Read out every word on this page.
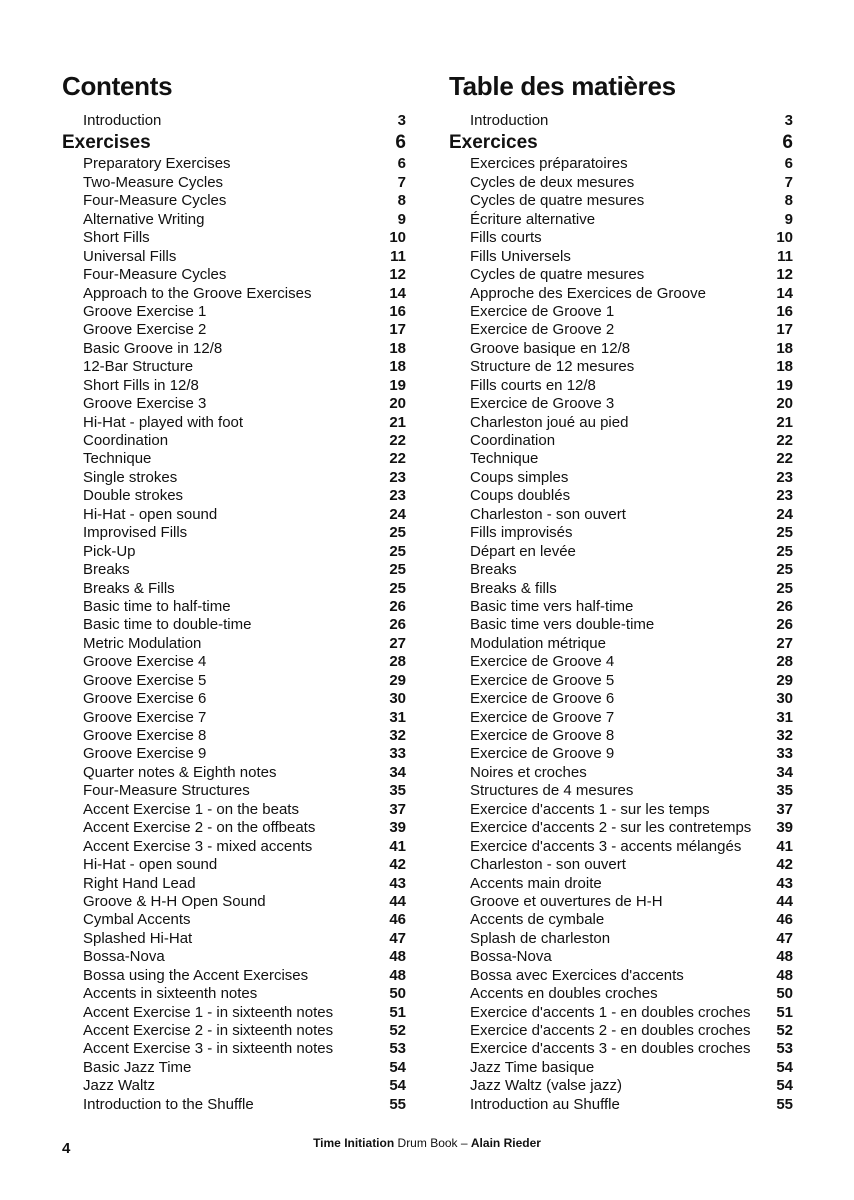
Contents
Introduction	3
Exercises	6
Preparatory Exercises	6
Two-Measure Cycles	7
Four-Measure Cycles	8
Alternative Writing	9
Short Fills	10
Universal Fills	11
Four-Measure Cycles	12
Approach to the Groove Exercises	14
Groove Exercise 1	16
Groove Exercise 2	17
Basic Groove in 12/8	18
12-Bar Structure	18
Short Fills in 12/8	19
Groove Exercise 3	20
Hi-Hat - played with foot	21
Coordination	22
Technique	22
Single strokes	23
Double strokes	23
Hi-Hat - open sound	24
Improvised Fills	25
Pick-Up	25
Breaks	25
Breaks & Fills	25
Basic time to half-time	26
Basic time to double-time	26
Metric Modulation	27
Groove Exercise 4	28
Groove Exercise 5	29
Groove Exercise 6	30
Groove Exercise 7	31
Groove Exercise 8	32
Groove Exercise 9	33
Quarter notes & Eighth notes	34
Four-Measure Structures	35
Accent Exercise 1 - on the beats	37
Accent Exercise 2 - on the offbeats	39
Accent Exercise 3 - mixed accents	41
Hi-Hat - open sound	42
Right Hand Lead	43
Groove & H-H Open Sound	44
Cymbal Accents	46
Splashed Hi-Hat	47
Bossa-Nova	48
Bossa using the Accent Exercises	48
Accents in sixteenth notes	50
Accent Exercise 1 - in sixteenth notes	51
Accent Exercise 2 - in sixteenth notes	52
Accent Exercise 3 - in sixteenth notes	53
Basic Jazz Time	54
Jazz Waltz	54
Introduction to the Shuffle	55
Table des matières
Introduction	3
Exercices	6
Exercices préparatoires	6
Cycles de deux mesures	7
Cycles de quatre mesures	8
Écriture alternative	9
Fills courts	10
Fills Universels	11
Cycles de quatre mesures	12
Approche des Exercices de Groove	14
Exercice de Groove 1	16
Exercice de Groove 2	17
Groove basique en 12/8	18
Structure de 12 mesures	18
Fills courts en 12/8	19
Exercice de Groove 3	20
Charleston joué au pied	21
Coordination	22
Technique	22
Coups simples	23
Coups doublés	23
Charleston - son ouvert	24
Fills improvisés	25
Départ en levée	25
Breaks	25
Breaks & fills	25
Basic time vers half-time	26
Basic time vers double-time	26
Modulation métrique	27
Exercice de Groove 4	28
Exercice de Groove 5	29
Exercice de Groove 6	30
Exercice de Groove 7	31
Exercice de Groove 8	32
Exercice de Groove 9	33
Noires et croches	34
Structures de 4 mesures	35
Exercice d'accents 1 - sur les temps	37
Exercice d'accents 2 - sur les contretemps 39
Exercice d'accents 3 - accents mélangés 41
Charleston - son ouvert	42
Accents main droite	43
Groove et ouvertures de H-H	44
Accents de cymbale	46
Splash de charleston	47
Bossa-Nova	48
Bossa avec Exercices d'accents	48
Accents en doubles croches	50
Exercice d'accents 1 - en doubles croches 51
Exercice d'accents 2 - en doubles croches 52
Exercice d'accents 3 - en doubles croches 53
Jazz Time basique	54
Jazz Waltz (valse jazz)	54
Introduction au Shuffle	55
4	Time Initiation Drum Book – Alain Rieder
